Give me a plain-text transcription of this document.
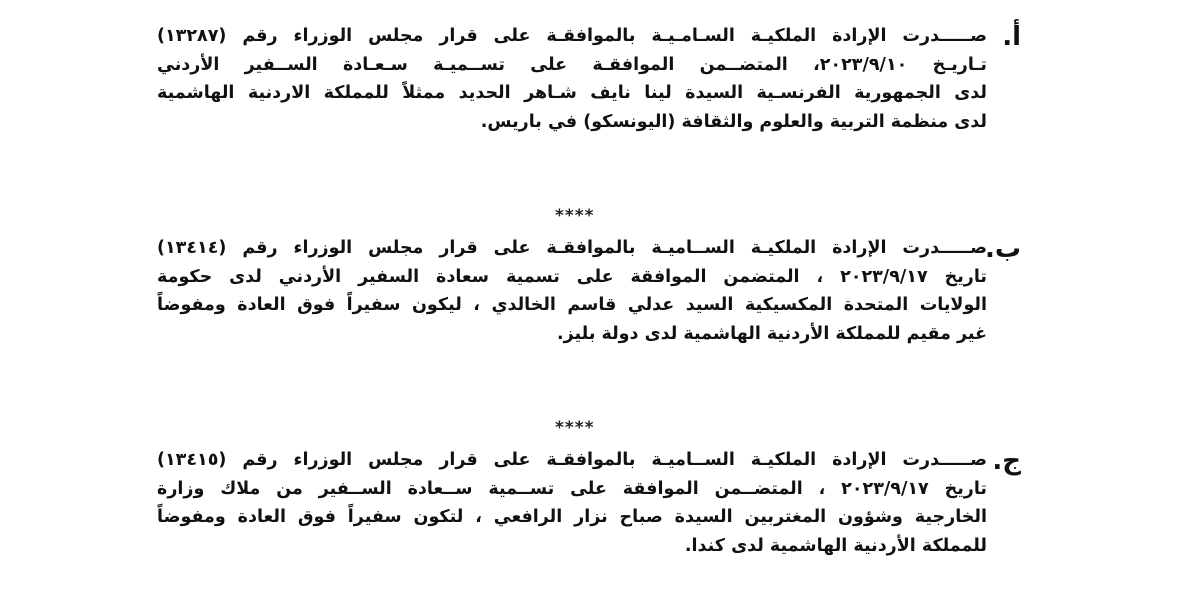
أ.
صـــــدرت الإرادة الملكيـة السـامـيـة بالموافقـة على قرار مجلس الوزراء رقم (١٣٢٨٧)
تـاريـخ ٢٠٢٣/٩/١٠، المتضــمن الموافقـة على تســميـة سـعـادة الســفير الأردني
لدى الجمهورية الفرنسـية السيدة لينا نايف شـاهر الحديد ممثلاً للمملكة الاردنية الهاشمية
لدى منظمة التربية والعلوم والثقافة (اليونسكو) في باريس.
****
ب.
صـــــدرت الإرادة الملكيـة الســاميـة بالموافقـة على قرار مجلس الوزراء رقم (١٣٤١٤)
تاريخ ٢٠٢٣/٩/١٧ ، المتضمن الموافقة على تسمية سعادة السفير الأردني لدى حكومة
الولايات المتحدة المكسيكية السيد عدلي قاسم الخالدي ، ليكون سفيراً فوق العادة ومفوضاً
غير مقيم للمملكة الأردنية الهاشمية لدى دولة بليز.
****
ج.
صـــــدرت الإرادة الملكيـة الســاميـة بالموافقـة على قرار مجلس الوزراء رقم (١٣٤١٥)
تاريخ ٢٠٢٣/٩/١٧ ، المتضــمن الموافقة على تســمية ســعادة الســفير من ملاك وزارة
الخارجية وشؤون المغتربين السيدة صباح نزار الرافعي ، لتكون سفيراً فوق العادة ومفوضاً
للمملكة الأردنية الهاشمية لدى كندا.
